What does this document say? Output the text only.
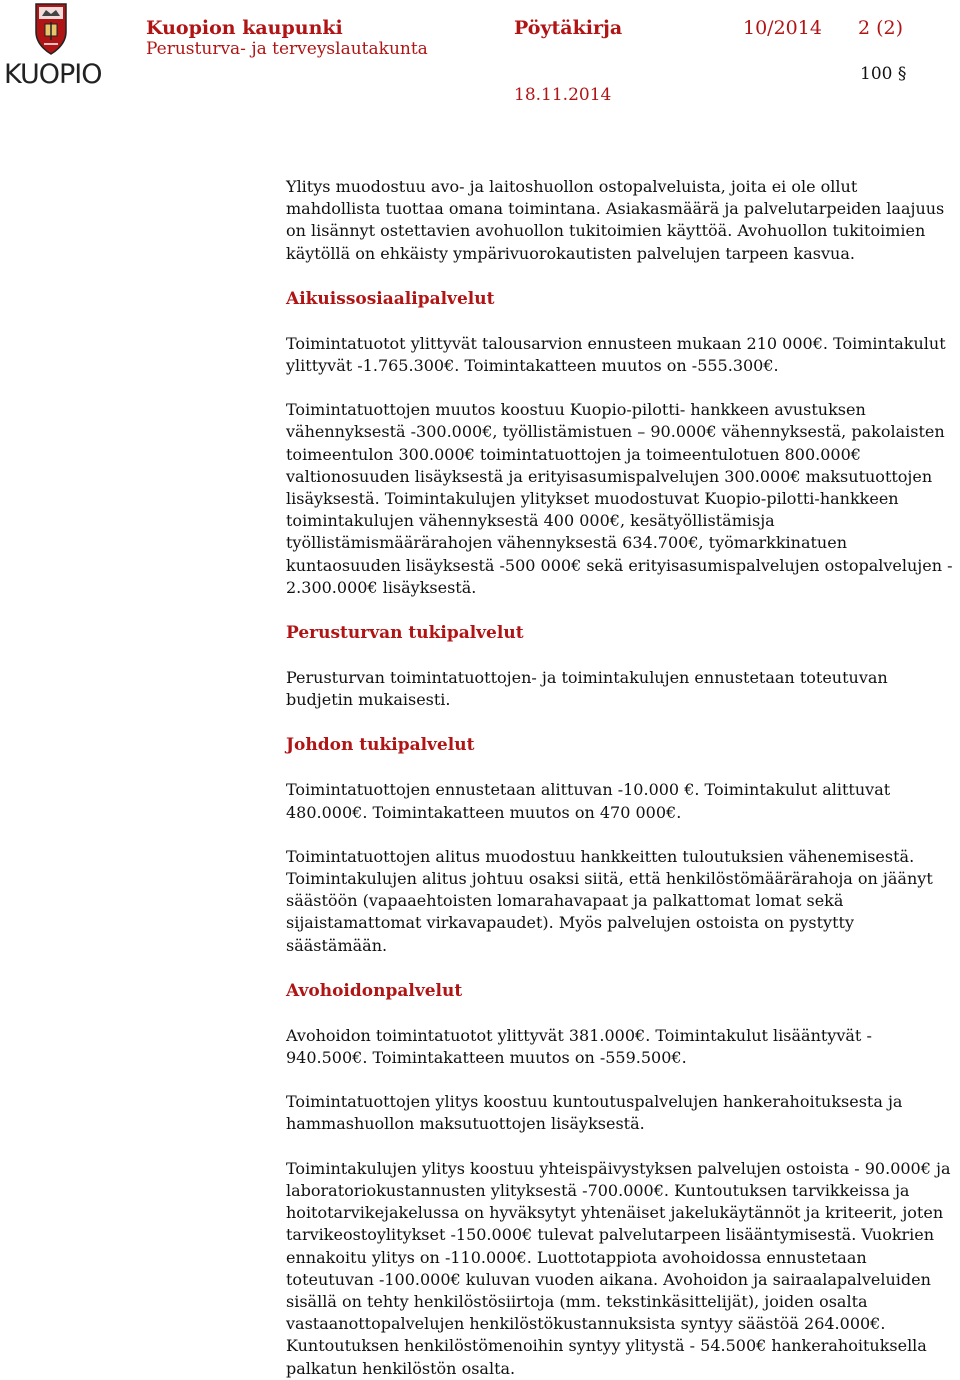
KUOPIO
Kuopion kaupunki
Perusturva- ja terveyslautakunta
Pöytäkirja	10/2014 2 (2)
100 §
18.11.2014

Ylitys muodostuu avo- ja laitoshuollon ostopalveluista, joita ei ole ollut mahdollista tuottaa omana toimintana. Asiakasmäärä ja palvelutarpeiden laajuus on lisännyt ostettavien avohuollon tukitoimien käyttöä. Avohuollon tukitoimien käytöllä on ehkäisty ympärivuorokautisten palvelujen tarpeen kasvua.

Aikuissosiaalipalvelut

Toimintatuotot ylittyvät talousarvion ennusteen mukaan 210 000€. Toimintakulut ylittyvät -1.765.300€. Toimintakatteen muutos on -555.300€.

Toimintatuottojen muutos koostuu Kuopio-pilotti- hankkeen avustuksen vähennyksestä -300.000€, työllistämistuen – 90.000€ vähennyksestä, pakolaisten toimeentulon 300.000€ toimintatuottojen ja toimeentulotuen 800.000€ valtionosuuden lisäyksestä ja erityisasumispalvelujen 300.000€ maksutuottojen lisäyksestä. Toimintakulujen ylitykset muodostuvat Kuopio-pilotti-hankkeen toimintakulujen vähennyksestä 400 000€, kesätyöllistämisja työllistämismäärärahojen vähennyksestä 634.700€, työmarkkinatuen kuntaosuuden lisäyksestä -500 000€ sekä erityisasumispalvelujen ostopalvelujen - 2.300.000€ lisäyksestä.

Perusturvan tukipalvelut

Perusturvan toimintatuottojen- ja toimintakulujen ennustetaan toteutuvan budjetin mukaisesti.

Johdon tukipalvelut

Toimintatuottojen ennustetaan alittuvan -10.000 €. Toimintakulut alittuvat 480.000€. Toimintakatteen muutos on 470 000€.

Toimintatuottojen alitus muodostuu hankkeitten tuloutuksien vähenemisestä. Toimintakulujen alitus johtuu osaksi siitä, että henkilöstömäärärahoja on jäänyt säästöön (vapaaehtoisten lomarahavapaat ja palkattomat lomat sekä sijaistamattomat virkavapaudet). Myös palvelujen ostoista on pystytty säästämään.

Avohoidonpalvelut

Avohoidon toimintatuotot ylittyvät 381.000€. Toimintakulut lisääntyvät - 940.500€. Toimintakatteen muutos on -559.500€.

Toimintatuottojen ylitys koostuu kuntoutuspalvelujen hankerahoituksesta ja hammashuollon maksutuottojen lisäyksestä.

Toimintakulujen ylitys koostuu yhteispäivystyksen palvelujen ostoista - 90.000€ ja laboratoriokustannusten ylityksestä -700.000€. Kuntoutuksen tarvikkeissa ja hoitotarvikejakelussa on hyväksytyt yhtenäiset jakelukäytännöt ja kriteerit, joten tarvikeostoylitykset -150.000€ tulevat palvelutarpeen lisääntymisestä. Vuokrien ennakoitu ylitys on -110.000€. Luottotappiota avohoidossa ennustetaan toteutuvan -100.000€ kuluvan vuoden aikana. Avohoidon ja sairaalapalveluiden sisällä on tehty henkilöstösiirtoja (mm. tekstinkäsittelijät), joiden osalta vastaanottopalvelujen henkilöstökustannuksista syntyy säästöä 264.000€. Kuntoutuksen henkilöstömenoihin syntyy ylitystä - 54.500€ hankerahoituksella palkatun henkilöstön osalta.
